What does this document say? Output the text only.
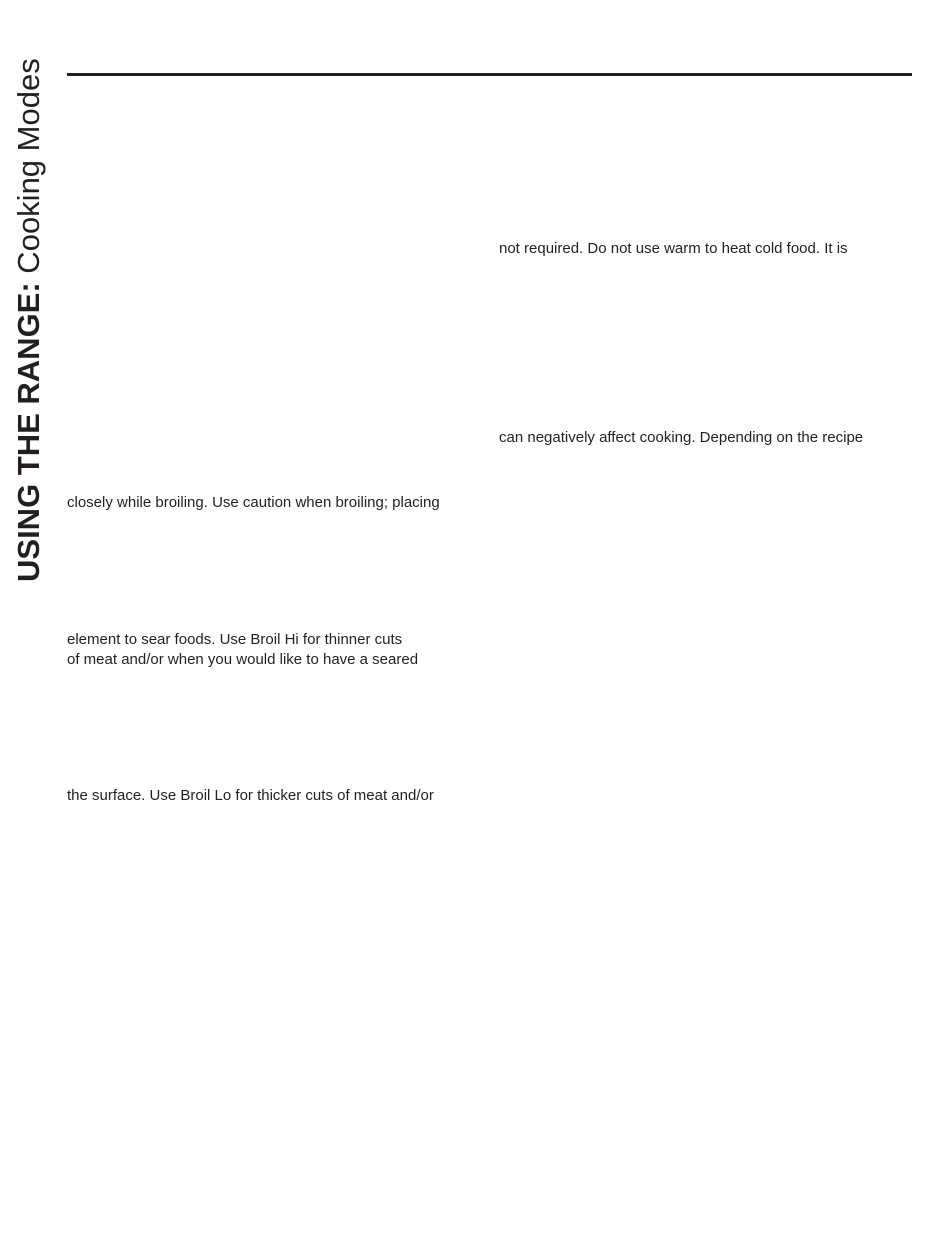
USING THE RANGE: Cooking Modes	not required. Do not use warm to heat cold food. It is
can negatively affect cooking. Depending on the recipe
closely while broiling. Use caution when broiling; placing
element to sear foods. Use Broil Hi for thinner cuts
of meat and/or when you would like to have a seared
the surface. Use Broil Lo for thicker cuts of meat and/or
